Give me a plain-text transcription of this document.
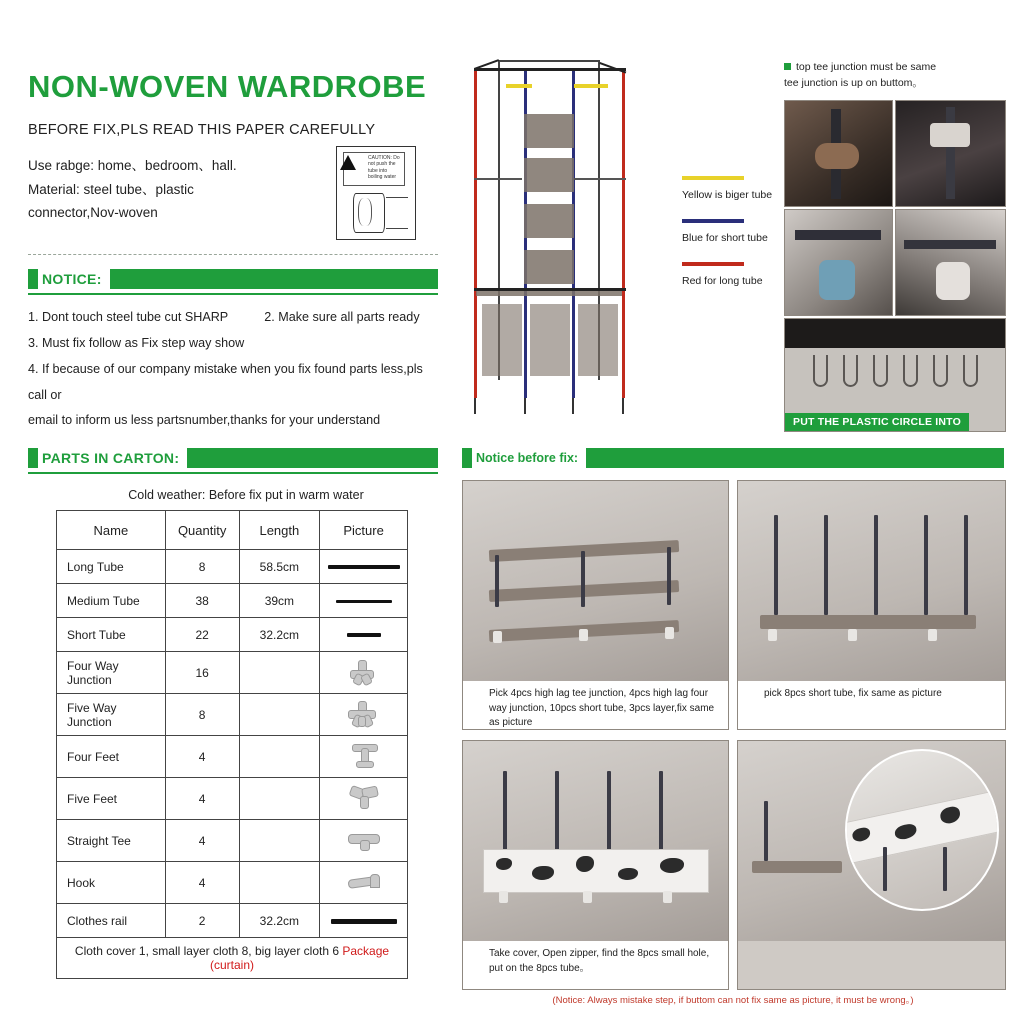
NON-WOVEN WARDROBE
BEFORE FIX,PLS READ THIS PAPER CAREFULLY
Use rabge: home、bedroom、hall.
Material: steel tube、plastic
connector,Nov-woven
CAUTION: Do not push the tube into boiling water
NOTICE:
1. Dont touch steel tube cut SHARP	2. Make sure all parts ready
3. Must fix follow as Fix step way show
4. If because of our company mistake when you fix found parts less,pls call or
email to inform us less partsnumber,thanks for your understand
PARTS IN CARTON:
Cold weather: Before fix put in warm water
Name	Quantity	Length	Picture
Long Tube	8	58.5cm	
Medium Tube	38	39cm	
Short Tube	22	32.2cm	
Four Way Junction	16		

Five Way Junction	8		

Four Feet	4		

Five Feet	4		

Straight Tee	4		

Hook	4		

Clothes rail	2	32.2cm	
Cloth cover 1, small layer cloth 8, big layer cloth 6 Package (curtain)			
Yellow is biger tube
Blue for short tube
Red for long tube
top tee junction must be same
tee junction is up on buttom。
PUT THE PLASTIC CIRCLE INTO
Notice before fix:
Pick 4pcs high lag tee junction, 4pcs high lag four way junction, 10pcs short tube, 3pcs layer,fix same as picture
pick 8pcs short tube, fix same as picture
Take cover, Open zipper, find the 8pcs small hole, put on the 8pcs tube。
(Notice: Always mistake step, if buttom can not fix same as picture, it must be wrong。)
